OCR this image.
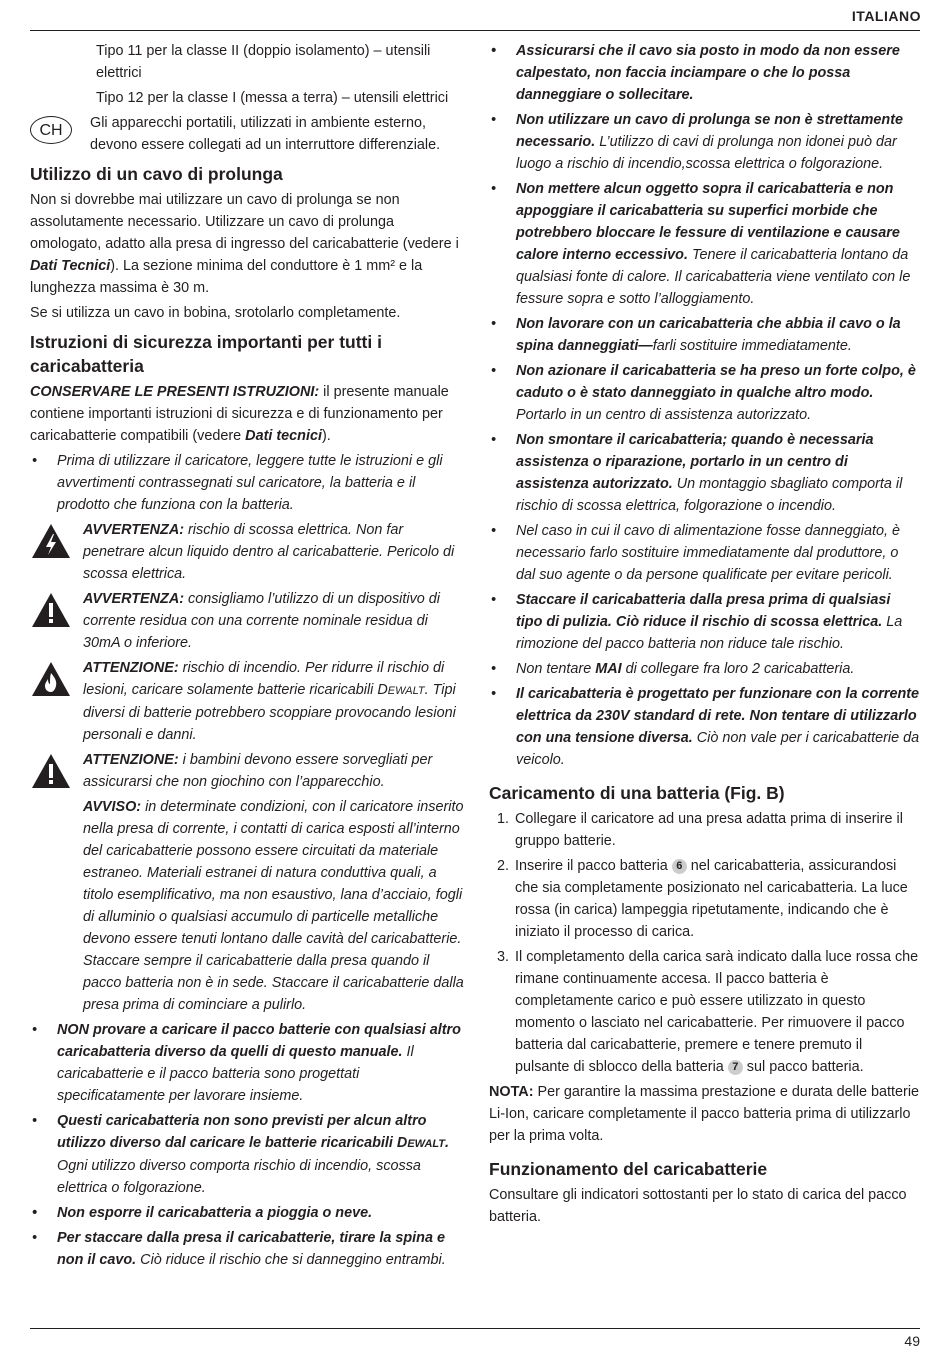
ITALIANO

Tipo 11 per la classe II (doppio isolamento) – utensili elettrici

Tipo 12 per la classe I (messa a terra) – utensili elettrici

CH	Gli apparecchi portatili, utilizzati in ambiente esterno, devono essere collegati ad un interruttore differenziale.
Utilizzo di un cavo di prolunga

Non si dovrebbe mai utilizzare un cavo di prolunga se non assolutamente necessario. Utilizzare un cavo di prolunga omologato, adatto alla presa di ingresso del caricabatterie (vedere i Dati Tecnici). La sezione minima del conduttore è 1 mm² e la lunghezza massima è 30 m.

Se si utilizza un cavo in bobina, srotolarlo completamente.

Istruzioni di sicurezza importanti per tutti i caricabatteria

CONSERVARE LE PRESENTI ISTRUZIONI: il presente manuale contiene importanti istruzioni di sicurezza e di funzionamento per caricabatterie compatibili (vedere Dati tecnici).

• Prima di utilizzare il caricatore, leggere tutte le istruzioni e gli avvertimenti contrassegnati sul caricatore, la batteria e il prodotto che funziona con la batteria.
AVVERTENZA: rischio di scossa elettrica. Non far penetrare alcun liquido dentro al caricabatterie. Pericolo di scossa elettrica.
AVVERTENZA: consigliamo l’utilizzo di un dispositivo di corrente residua con una corrente nominale residua di 30mA o inferiore.
ATTENZIONE: rischio di incendio. Per ridurre il rischio di lesioni, caricare solamente batterie ricaricabili DEWALT. Tipi diversi di batterie potrebbero scoppiare provocando lesioni personali e danni.
ATTENZIONE: i bambini devono essere sorvegliati per assicurarsi che non giochino con l’apparecchio.
AVVISO: in determinate condizioni, con il caricatore inserito nella presa di corrente, i contatti di carica esposti all’interno del caricabatterie possono essere circuitati da materiale estraneo. Materiali estranei di natura conduttiva quali, a titolo esemplificativo, ma non esaustivo, lana d’acciaio, fogli di alluminio o qualsiasi accumulo di particelle metalliche devono essere tenuti lontano dalle cavità del caricabatterie. Staccare sempre il caricabatterie dalla presa quando il pacco batteria non è in sede. Staccare il caricabatterie dalla presa prima di cominciare a pulirlo.
• NON provare a caricare il pacco batterie con qualsiasi altro caricabatteria diverso da quelli di questo manuale. Il caricabatterie e il pacco batteria sono progettati specificatamente per lavorare insieme.
• Questi caricabatteria non sono previsti per alcun altro utilizzo diverso dal caricare le batterie ricaricabili DEWALT. Ogni utilizzo diverso comporta rischio di incendio, scossa elettrica o folgorazione.
• Non esporre il caricabatteria a pioggia o neve.
• Per staccare dalla presa il caricabatterie, tirare la spina e non il cavo. Ciò riduce il rischio che si danneggino entrambi.
• Assicurarsi che il cavo sia posto in modo da non essere calpestato, non faccia inciampare o che lo possa danneggiare o sollecitare.
• Non utilizzare un cavo di prolunga se non è strettamente necessario. L’utilizzo di cavi di prolunga non idonei può dar luogo a rischio di incendio,scossa elettrica o folgorazione.
• Non mettere alcun oggetto sopra il caricabatteria e non appoggiare il caricabatteria su superfici morbide che potrebbero bloccare le fessure di ventilazione e causare calore interno eccessivo. Tenere il caricabatteria lontano da qualsiasi fonte di calore. Il caricabatteria viene ventilato con le fessure sopra e sotto l’alloggiamento.
• Non lavorare con un caricabatteria che abbia il cavo o la spina danneggiati—farli sostituire immediatamente.
• Non azionare il caricabatteria se ha preso un forte colpo, è caduto o è stato danneggiato in qualche altro modo. Portarlo in un centro di assistenza autorizzato.
• Non smontare il caricabatteria; quando è necessaria assistenza o riparazione, portarlo in un centro di assistenza autorizzato. Un montaggio sbagliato comporta il rischio di scossa elettrica, folgorazione o incendio.
• Nel caso in cui il cavo di alimentazione fosse danneggiato, è necessario farlo sostituire immediatamente dal produttore, o dal suo agente o da persone qualificate per evitare pericoli.
• Staccare il caricabatteria dalla presa prima di qualsiasi tipo di pulizia. Ciò riduce il rischio di scossa elettrica. La rimozione del pacco batteria non riduce tale rischio.
• Non tentare MAI di collegare fra loro 2 caricabatteria.
• Il caricabatteria è progettato per funzionare con la corrente elettrica da 230V standard di rete. Non tentare di utilizzarlo con una tensione diversa. Ciò non vale per i caricabatterie da veicolo.
Caricamento di una batteria (Fig. B)
1. Collegare il caricatore ad una presa adatta prima di inserire il gruppo batterie.
2. Inserire il pacco batteria 6 nel caricabatteria, assicurandosi che sia completamente posizionato nel caricabatteria. La luce rossa (in carica) lampeggia ripetutamente, indicando che è iniziato il processo di carica.
3. Il completamento della carica sarà indicato dalla luce rossa che rimane continuamente accesa. Il pacco batteria è completamente carico e può essere utilizzato in questo momento o lasciato nel caricabatterie. Per rimuovere il pacco batteria dal caricabatterie, premere e tenere premuto il pulsante di sblocco della batteria 7 sul pacco batteria.

NOTA: Per garantire la massima prestazione e durata delle batterie Li-Ion, caricare completamente il pacco batteria prima di utilizzarlo per la prima volta.

Funzionamento del caricabatterie

Consultare gli indicatori sottostanti per lo stato di carica del pacco batteria.

49
